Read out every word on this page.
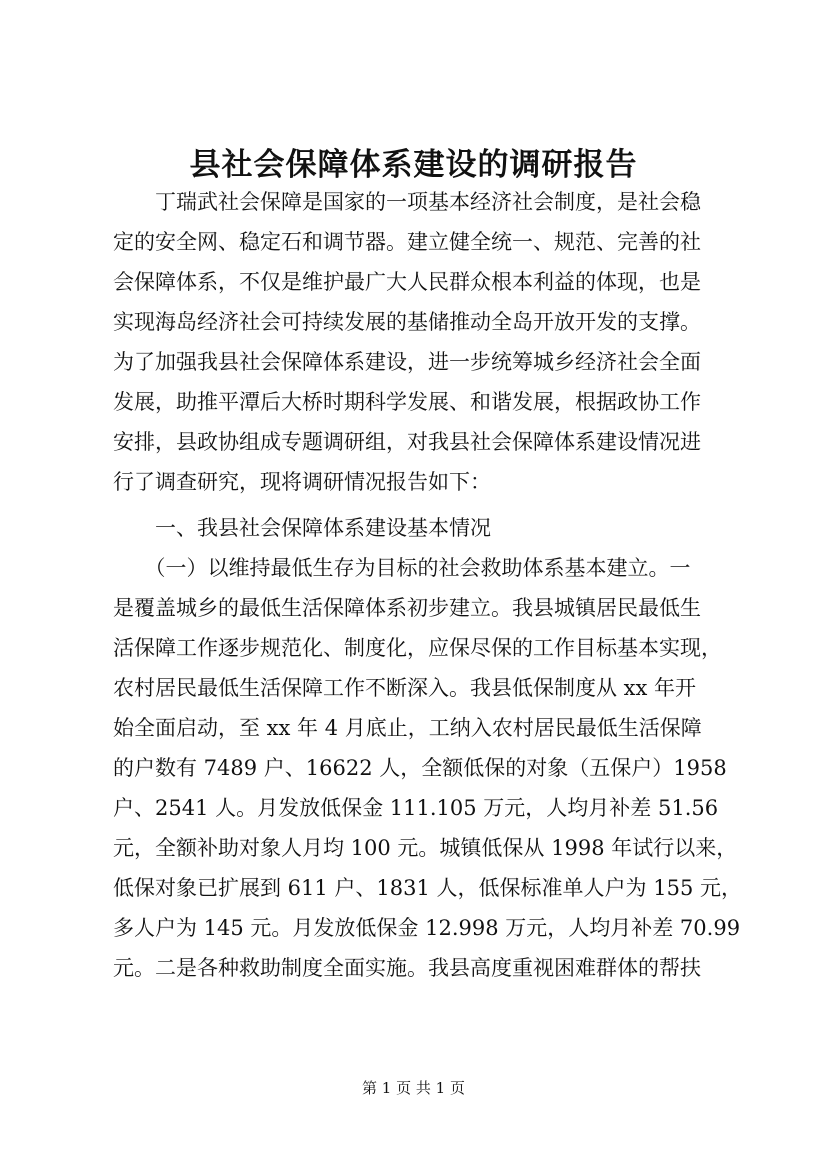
县社会保障体系建设的调研报告

　　丁瑞武社会保障是国家的一项基本经济社会制度，是社会稳

定的安全网、稳定石和调节器。建立健全统一、规范、完善的社

会保障体系，不仅是维护最广大人民群众根本利益的体现，也是

实现海岛经济社会可持续发展的基储推动全岛开放开发的支撑。

为了加强我县社会保障体系建设，进一步统筹城乡经济社会全面

发展，助推平潭后大桥时期科学发展、和谐发展，根据政协工作

安排，县政协组成专题调研组，对我县社会保障体系建设情况进

行了调查研究，现将调研情况报告如下：

　　一、我县社会保障体系建设基本情况

　　（一）以维持最低生存为目标的社会救助体系基本建立。一

是覆盖城乡的最低生活保障体系初步建立。我县城镇居民最低生

活保障工作逐步规范化、制度化，应保尽保的工作目标基本实现，

农村居民最低生活保障工作不断深入。我县低保制度从 xx 年开

始全面启动，至 xx 年 4 月底止，工纳入农村居民最低生活保障

的户数有 7489 户、16622 人，全额低保的对象（五保户）1958

户、2541 人。月发放低保金 111.105 万元，人均月补差 51.56

元，全额补助对象人月均 100 元。城镇低保从 1998 年试行以来，

低保对象已扩展到 611 户、1831 人，低保标准单人户为 155 元，

多人户为 145 元。月发放低保金 12.998 万元，人均月补差 70.99

元。二是各种救助制度全面实施。我县高度重视困难群体的帮扶

第 1 页 共 1 页
